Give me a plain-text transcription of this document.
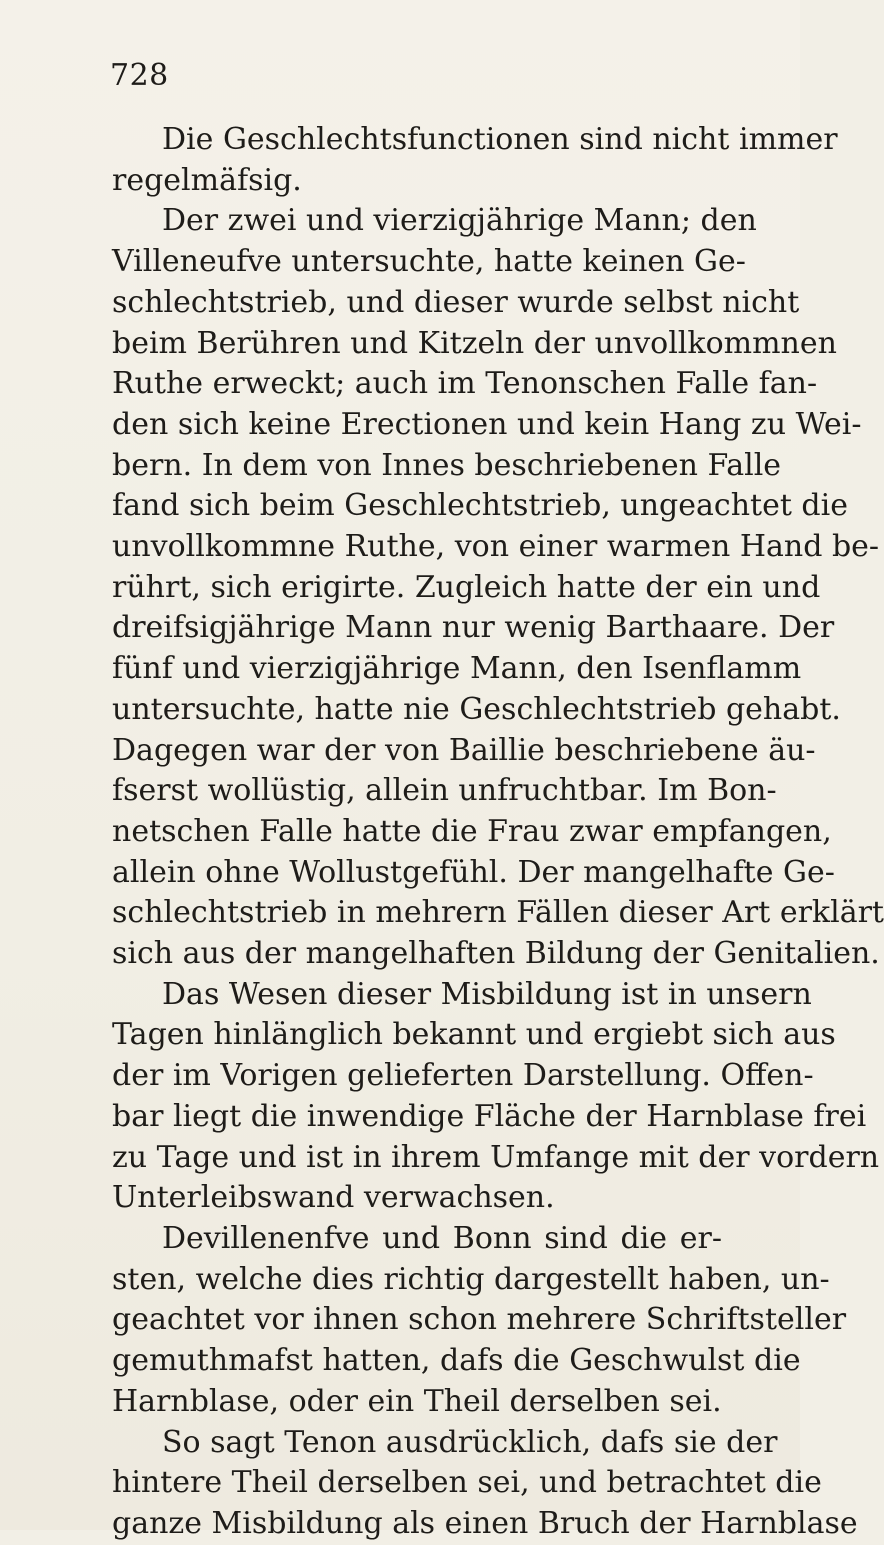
728

Die Geschlechtsfunctionen sind nicht immer
regelmäfsig.

Der zwei und vierzigjährige Mann; den
Villeneufve untersuchte, hatte keinen Ge-
schlechtstrieb, und dieser wurde selbst nicht
beim Berühren und Kitzeln der unvollkommnen
Ruthe erweckt; auch im Tenonschen Falle fan-
den sich keine Erectionen und kein Hang zu Wei-
bern. In dem von Innes beschriebenen Falle
fand sich beim Geschlechtstrieb, ungeachtet die
unvollkommne Ruthe, von einer warmen Hand be-
rührt, sich erigirte. Zugleich hatte der ein und
dreifsigjährige Mann nur wenig Barthaare. Der
fünf und vierzigjährige Mann, den Isenflamm
untersuchte, hatte nie Geschlechtstrieb gehabt.
Dagegen war der von Baillie beschriebene äu-
fserst wollüstig, allein unfruchtbar. Im Bon-
netschen Falle hatte die Frau zwar empfangen,
allein ohne Wollustgefühl. Der mangelhafte Ge-
schlechtstrieb in mehrern Fällen dieser Art erklärt
sich aus der mangelhaften Bildung der Genitalien.

Das Wesen dieser Misbildung ist in unsern
Tagen hinlänglich bekannt und ergiebt sich aus
der im Vorigen gelieferten Darstellung. Offen-
bar liegt die inwendige Fläche der Harnblase frei
zu Tage und ist in ihrem Umfange mit der vordern
Unterleibswand verwachsen.

Devillenenfve und Bonn sind die er-
sten, welche dies richtig dargestellt haben, un-
geachtet vor ihnen schon mehrere Schriftsteller
gemuthmafst hatten, dafs die Geschwulst die
Harnblase, oder ein Theil derselben sei.

So sagt Tenon ausdrücklich, dafs sie der
hintere Theil derselben sei, und betrachtet die
ganze Misbildung als einen Bruch der Harnblase
